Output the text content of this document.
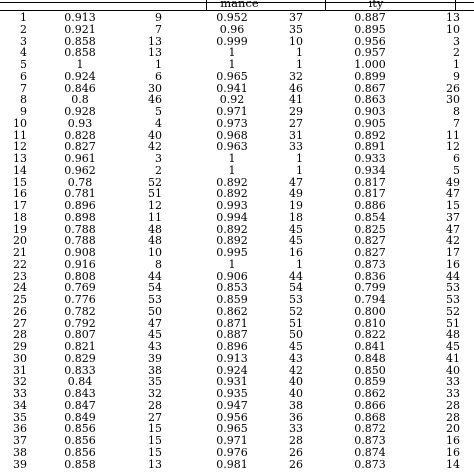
mance	ity
1	0.913	9	0.952	37	0.887	13
2	0.921	7	0.96	35	0.895	10
3	0.858	13	0.999	10	0.956	3
4	0.858	13	1	1	0.957	2
5	1	1	1	1	1.000	1
6	0.924	6	0.965	32	0.899	9
7	0.846	30	0.941	46	0.867	26
8	0.8	46	0.92	41	0.863	30
9	0.928	5	0.971	29	0.903	8
10	0.93	4	0.973	27	0.905	7
11	0.828	40	0.968	31	0.892	11
12	0.827	42	0.963	33	0.891	12
13	0.961	3	1	1	0.933	6
14	0.962	2	1	1	0.934	5
15	0.78	52	0.892	47	0.817	49
16	0.781	51	0.892	49	0.817	47
17	0.896	12	0.993	19	0.886	15
18	0.898	11	0.994	18	0.854	37
19	0.788	48	0.892	45	0.825	47
20	0.788	48	0.892	45	0.827	42
21	0.908	10	0.995	16	0.827	17
22	0.916	8	1	1	0.873	16
23	0.808	44	0.906	44	0.836	44
24	0.769	54	0.853	54	0.799	53
25	0.776	53	0.859	53	0.794	53
26	0.782	50	0.862	52	0.800	52
27	0.792	47	0.871	51	0.810	51
28	0.807	45	0.887	50	0.822	48
29	0.821	43	0.896	45	0.841	45
30	0.829	39	0.913	43	0.848	41
31	0.833	38	0.924	42	0.850	40
32	0.84	35	0.931	40	0.859	33
33	0.843	32	0.935	40	0.862	33
34	0.847	28	0.947	38	0.866	28
35	0.849	27	0.956	36	0.868	28
36	0.856	15	0.965	33	0.872	20
37	0.856	15	0.971	28	0.873	16
38	0.856	15	0.976	26	0.874	16
39	0.858	13	0.981	26	0.873	14
